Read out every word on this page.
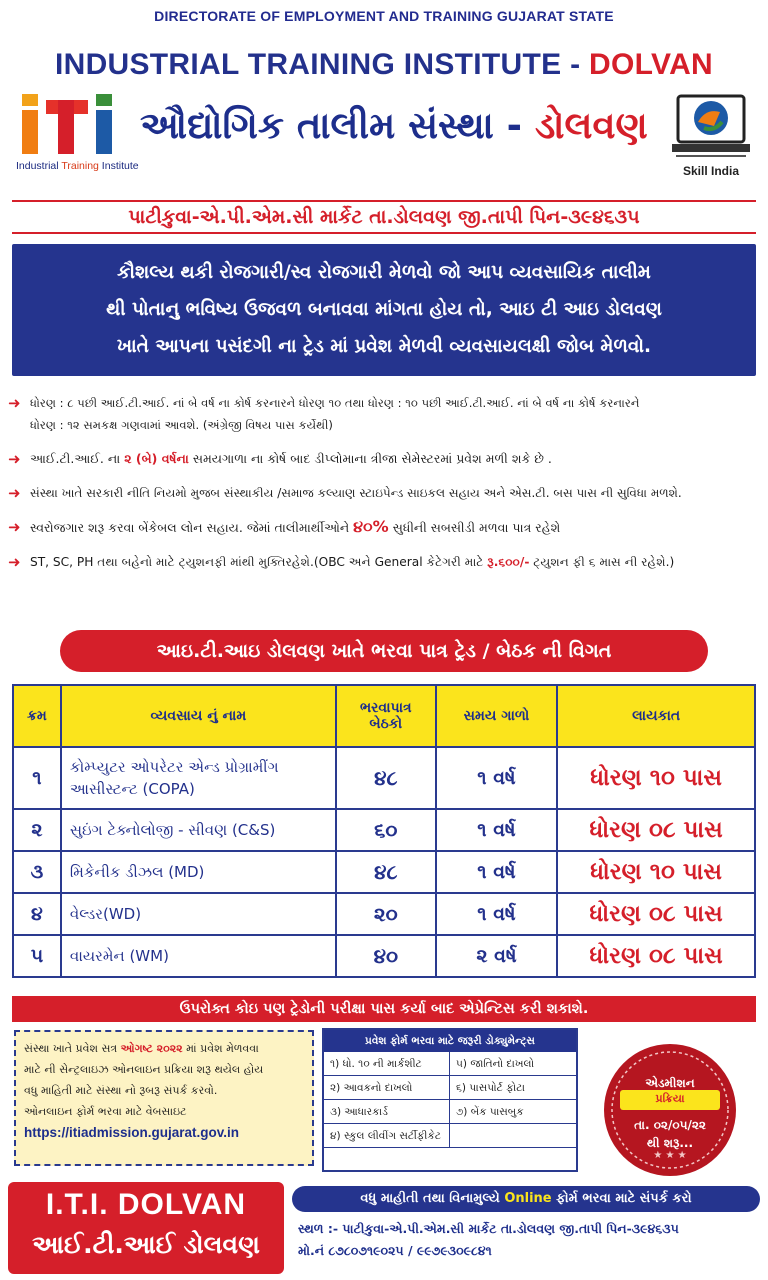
DIRECTORATE OF EMPLOYMENT AND TRAINING GUJARAT STATE
INDUSTRIAL TRAINING INSTITUTE - DOLVAN
Industrial Training Institute
ઔદ્યોગિક તાલીમ સંસ્થા - ડોલવણ
Skill India
પાટીકુવા-એ.પી.એમ.સી માર્કેટ તા.ડોલવણ જી.તાપી પિન-૩૯૪૬૩૫

કૌશલ્ય થકી રોજગારી/સ્વ રોજગારી મેળવો જો આપ વ્યવસાયિક તાલીમ

થી પોતાનુ ભવિષ્ય ઉજવળ બનાવવા માંગતા હોય તો, આઇ ટી આઇ ડોલવણ

ખાતે આપના પસંદગી ના ટ્રેડ માં પ્રવેશ મેળવી વ્યવસાયલક્ષી જોબ મેળવો.

➜ ધોરણ : ૮ પછી આઈ.ટી.આઈ. નાં બે વર્ષ ના કોર્ષ કરનારને ધોરણ ૧૦ તથા ધોરણ : ૧૦ પછી આઈ.ટી.આઈ. નાં બે વર્ષ ના કોર્ષ કરનારને
ધોરણ : ૧૨ સમકક્ષ ગણવામાં આવશે. (અંગ્રેજી વિષય પાસ કર્યેથી)
➜ આઈ.ટી.આઈ. ના ૨ (બે) વર્ષના સમયગાળા ના કોર્ષ બાદ ડીપ્લોમાના ત્રીજા સેમેસ્ટરમાં પ્રવેશ મળી શકે છે .
➜ સંસ્થા ખાતે સરકારી નીતિ નિયમો મુજબ સંસ્થાકીય /સમાજ કલ્યાણ સ્ટાઇપેન્ડ સાઇકલ સહાય અને એસ.ટી. બસ પાસ ની સુવિધા મળશે.
➜ સ્વરોજગાર શરૂ કરવા બેંકેબલ લોન સહાય. જેમાં તાલીમાર્થીઓને ૪૦% સુધીની સબસીડી મળવા પાત્ર રહેશે
➜ ST, SC, PH તથા બહેનો માટે ટ્યુશનફી માંથી મુક્તિરહેશે.(OBC અને General કેટેગરી માટે રૂ.૬૦૦/- ટ્યુશન ફી ૬ માસ ની રહેશે.)
આઇ.ટી.આઇ ડોલવણ ખાતે ભરવા પાત્ર ટ્રેડ / બેઠક ની વિગત
ક્રમ	વ્યવસાય નું નામ	ભરવાપાત્ર
બેઠકો	સમય ગાળો	લાયકાત
૧	કોમ્પ્યુટર ઓપરેટર એન્ડ પ્રોગ્રામીંગ
આસીસ્ટન્ટ (COPA)	૪૮	૧ વર્ષ	ધોરણ ૧૦ પાસ
૨	સુઇંગ ટેક્નોલોજી - સીવણ (C&S)	૬૦	૧ વર્ષ	ધોરણ ૦૮ પાસ
૩	મિકેનીક ડીઝલ (MD)	૪૮	૧ વર્ષ	ધોરણ ૧૦ પાસ
૪	વેલ્ડર(WD)	૨૦	૧ વર્ષ	ધોરણ ૦૮ પાસ
૫	વાયરમેન (WM)	૪૦	૨ વર્ષ	ધોરણ ૦૮ પાસ
ઉપરોક્ત કોઇ પણ ટ્રેડોની પરીક્ષા પાસ કર્યા બાદ એપ્રેન્ટિસ કરી શકાશે.
સંસ્થા ખાતે પ્રવેશ સત્ર ઓગષ્ટ ૨૦૨૨ માં પ્રવેશ મેળવવા
માટે ની સેન્ટ્રલાઇઝ ઓનલાઇન પ્રક્રિયા શરૂ થયેલ હોય
વધુ માહિતી માટે સંસ્થા નો રૂબરૂ સંપર્ક કરવો.
ઓનલાઇન ફોર્મ ભરવા માટે વેબસાઇટ
https://itiadmission.gujarat.gov.in
પ્રવેશ ફોર્મ ભરવા માટે જરૂરી ડોક્યુમેન્ટ્સ
૧) ધો. ૧૦ ની માર્કશીટ	૫) જાતિનો દાખલો
૨) આવકનો દાખલો	૬) પાસપોર્ટ ફોટા
૩) આધારકાર્ડ	૭) બેંક પાસબુક
૪) સ્કુલ લીવીંગ સર્ટીફીકેટ
★ ★ ★
એડમીશન
પ્રક્રિયા
તા. ૦૨/૦૫/૨૨
થી શરૂ...
I.T.I. DOLVAN
આઈ.ટી.આઈ ડોલવણ
વધુ માહીતી તથા વિનામુલ્યે Online ફોર્મ ભરવા માટે સંપર્ક કરો
સ્થળ :- પાટીકુવા-એ.પી.એમ.સી માર્કેટ તા.ડોલવણ જી.તાપી પિન-૩૯૪૬૩૫
મો.નં ૮૭૮૦૭૧૯૦૨૫ / ૯૯૭૯૩૦૯૮૪૧
